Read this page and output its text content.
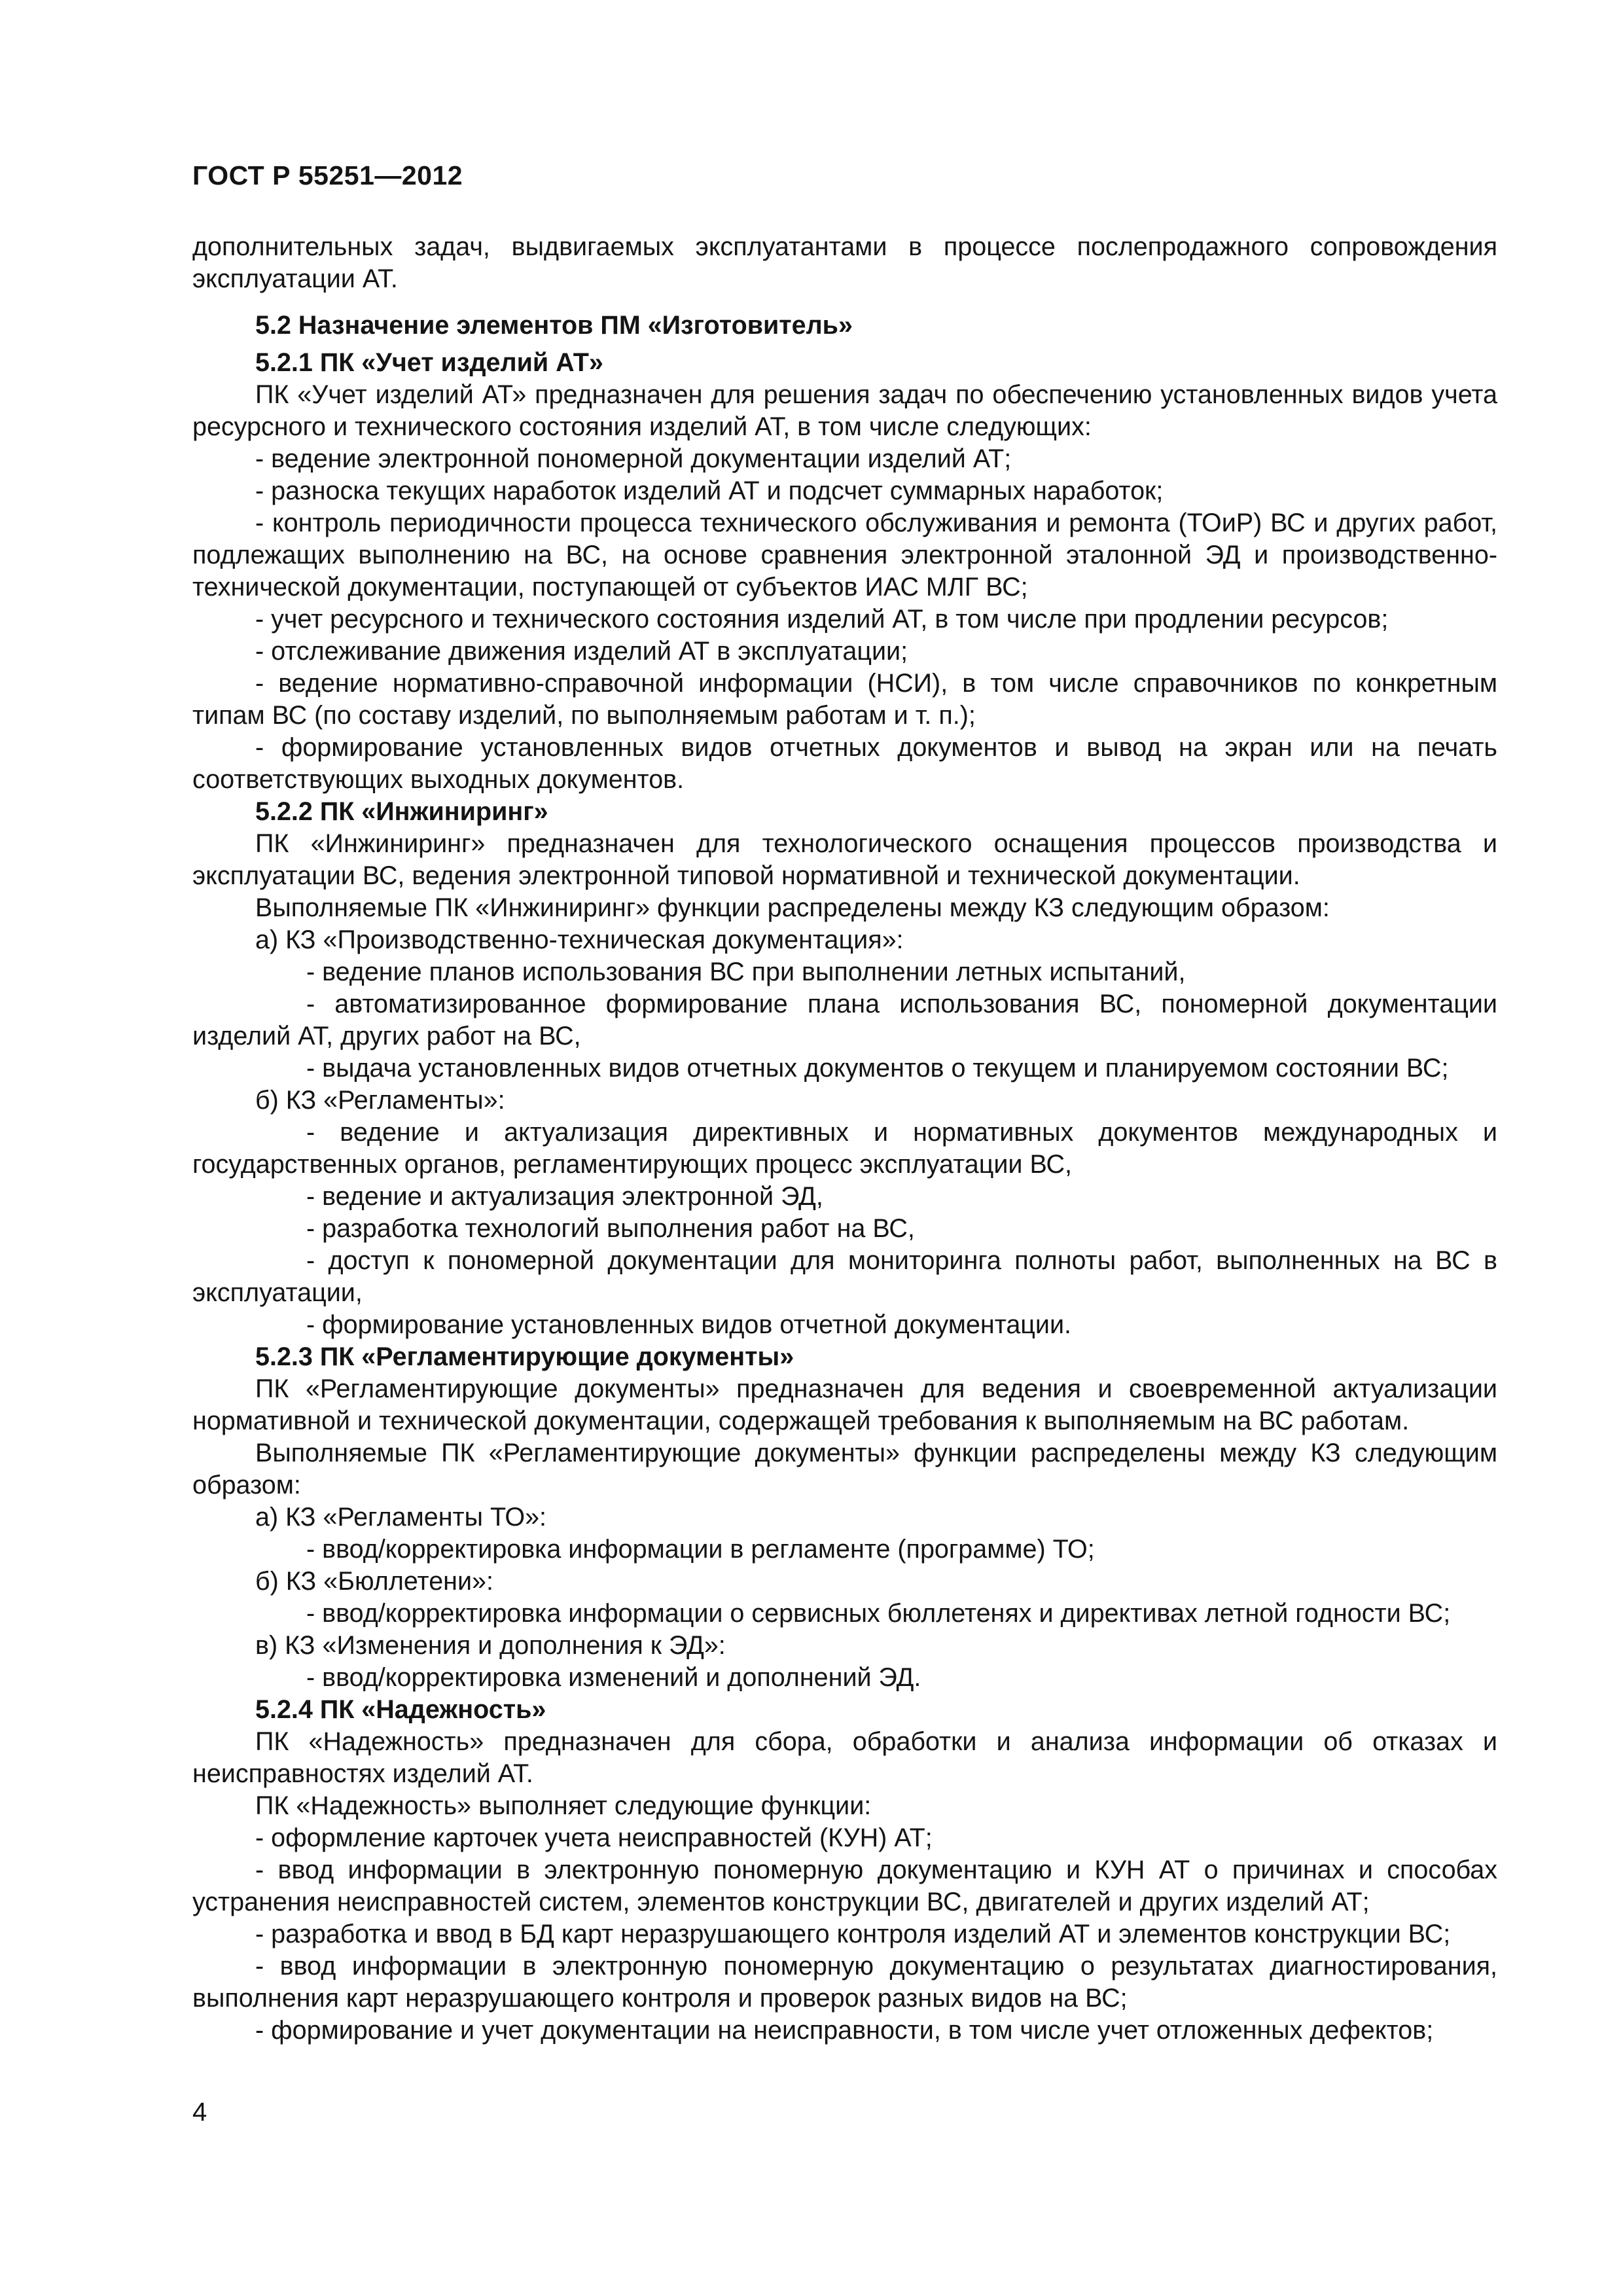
ГОСТ Р 55251—2012

дополнительных задач, выдвигаемых эксплуатантами в процессе послепродажного сопровождения эксплуатации АТ.

5.2 Назначение элементов ПМ «Изготовитель»

5.2.1 ПК «Учет изделий АТ»

ПК «Учет изделий АТ» предназначен для решения задач по обеспечению установленных видов учета ресурсного и технического состояния изделий АТ, в том числе следующих:

- ведение электронной пономерной документации изделий АТ;

- разноска текущих наработок изделий АТ и подсчет суммарных наработок;

- контроль периодичности процесса технического обслуживания и ремонта (ТОиР) ВС и других работ, подлежащих выполнению на ВС, на основе сравнения электронной эталонной ЭД и производственно-технической документации, поступающей от субъектов ИАС МЛГ ВС;

- учет ресурсного и технического состояния изделий АТ, в том числе при продлении ресурсов;

- отслеживание движения изделий АТ в эксплуатации;

- ведение нормативно-справочной информации (НСИ), в том числе справочников по конкретным типам ВС (по составу изделий, по выполняемым работам и т. п.);

- формирование установленных видов отчетных документов и вывод на экран или на печать соответствующих выходных документов.

5.2.2 ПК «Инжиниринг»

ПК «Инжиниринг» предназначен для технологического оснащения процессов производства и эксплуатации ВС, ведения электронной типовой нормативной и технической документации.

Выполняемые ПК «Инжиниринг» функции распределены между КЗ следующим образом:

а) КЗ «Производственно-техническая документация»:

- ведение планов использования ВС при выполнении летных испытаний,

- автоматизированное формирование плана использования ВС, пономерной документации изделий АТ, других работ на ВС,

- выдача установленных видов отчетных документов о текущем и планируемом состоянии ВС;

б) КЗ «Регламенты»:

- ведение и актуализация директивных и нормативных документов международных и государственных органов, регламентирующих процесс эксплуатации ВС,

- ведение и актуализация электронной ЭД,

- разработка технологий выполнения работ на ВС,

- доступ к пономерной документации для мониторинга полноты работ, выполненных на ВС в эксплуатации,

- формирование установленных видов отчетной документации.

5.2.3 ПК «Регламентирующие документы»

ПК «Регламентирующие документы» предназначен для ведения и своевременной актуализации нормативной и технической документации, содержащей требования к выполняемым на ВС работам.

Выполняемые ПК «Регламентирующие документы» функции распределены между КЗ следующим образом:

а) КЗ «Регламенты ТО»:

- ввод/корректировка информации в регламенте (программе) ТО;

б) КЗ «Бюллетени»:

- ввод/корректировка информации о сервисных бюллетенях и директивах летной годности ВС;

в) КЗ «Изменения и дополнения к ЭД»:

- ввод/корректировка изменений и дополнений ЭД.

5.2.4 ПК «Надежность»

ПК «Надежность» предназначен для сбора, обработки и анализа информации об отказах и неисправностях изделий АТ.

ПК «Надежность» выполняет следующие функции:

- оформление карточек учета неисправностей (КУН) АТ;

- ввод информации в электронную пономерную документацию и КУН АТ о причинах и способах устранения неисправностей систем, элементов конструкции ВС, двигателей и других изделий АТ;

- разработка и ввод в БД карт неразрушающего контроля изделий АТ и элементов конструкции ВС;

- ввод информации в электронную пономерную документацию о результатах диагностирования, выполнения карт неразрушающего контроля и проверок разных видов на ВС;

- формирование и учет документации на неисправности, в том числе учет отложенных дефектов;

4
